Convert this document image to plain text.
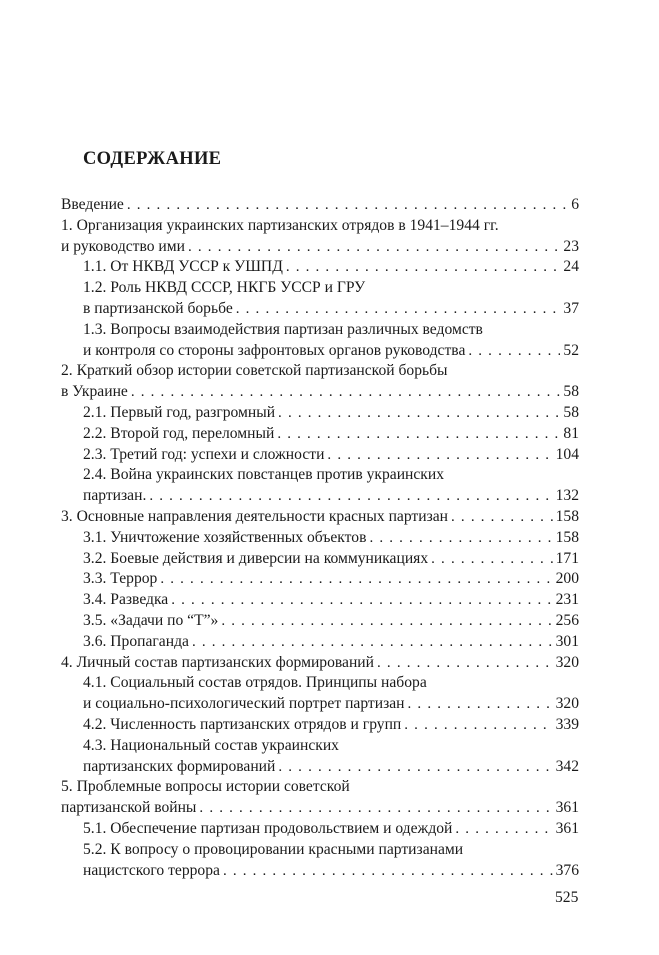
СОДЕРЖАНИЕ
Введение . . .	6
1. Организация украинских партизанских отрядов в 1941–1944 гг.
и руководство ими . . .	23
1.1. От НКВД УССР к УШПД . . .	24
1.2. Роль НКВД СССР, НКГБ УССР и ГРУ
в партизанской борьбе . . .	37
1.3. Вопросы взаимодействия партизан различных ведомств
и контроля со стороны зафронтовых органов руководства . . .	52
2. Краткий обзор истории советской партизанской борьбы
в Украине . . .	58
2.1. Первый год, разгромный . . .	58
2.2. Второй год, переломный . . .	81
2.3. Третий год: успехи и сложности . . .	104
2.4. Война украинских повстанцев против украинских
партизан. . . .	132
3. Основные направления деятельности красных партизан . . .	158
3.1. Уничтожение хозяйственных объектов . . .	158
3.2. Боевые действия и диверсии на коммуникациях . . .	171
3.3. Террор . . .	200
3.4. Разведка . . .	231
3.5. «Задачи по “Т”» . . .	256
3.6. Пропаганда . . .	301
4. Личный состав партизанских формирований . . .	320
4.1. Социальный состав отрядов. Принципы набора
и социально-психологический портрет партизан . . .	320
4.2. Численность партизанских отрядов и групп . . .	339
4.3. Национальный состав украинских
партизанских формирований . . .	342
5. Проблемные вопросы истории советской
партизанской войны . . .	361
5.1. Обеспечение партизан продовольствием и одеждой . . .	361
5.2. К вопросу о провоцировании красными партизанами
нацистского террора . . .	376
525
